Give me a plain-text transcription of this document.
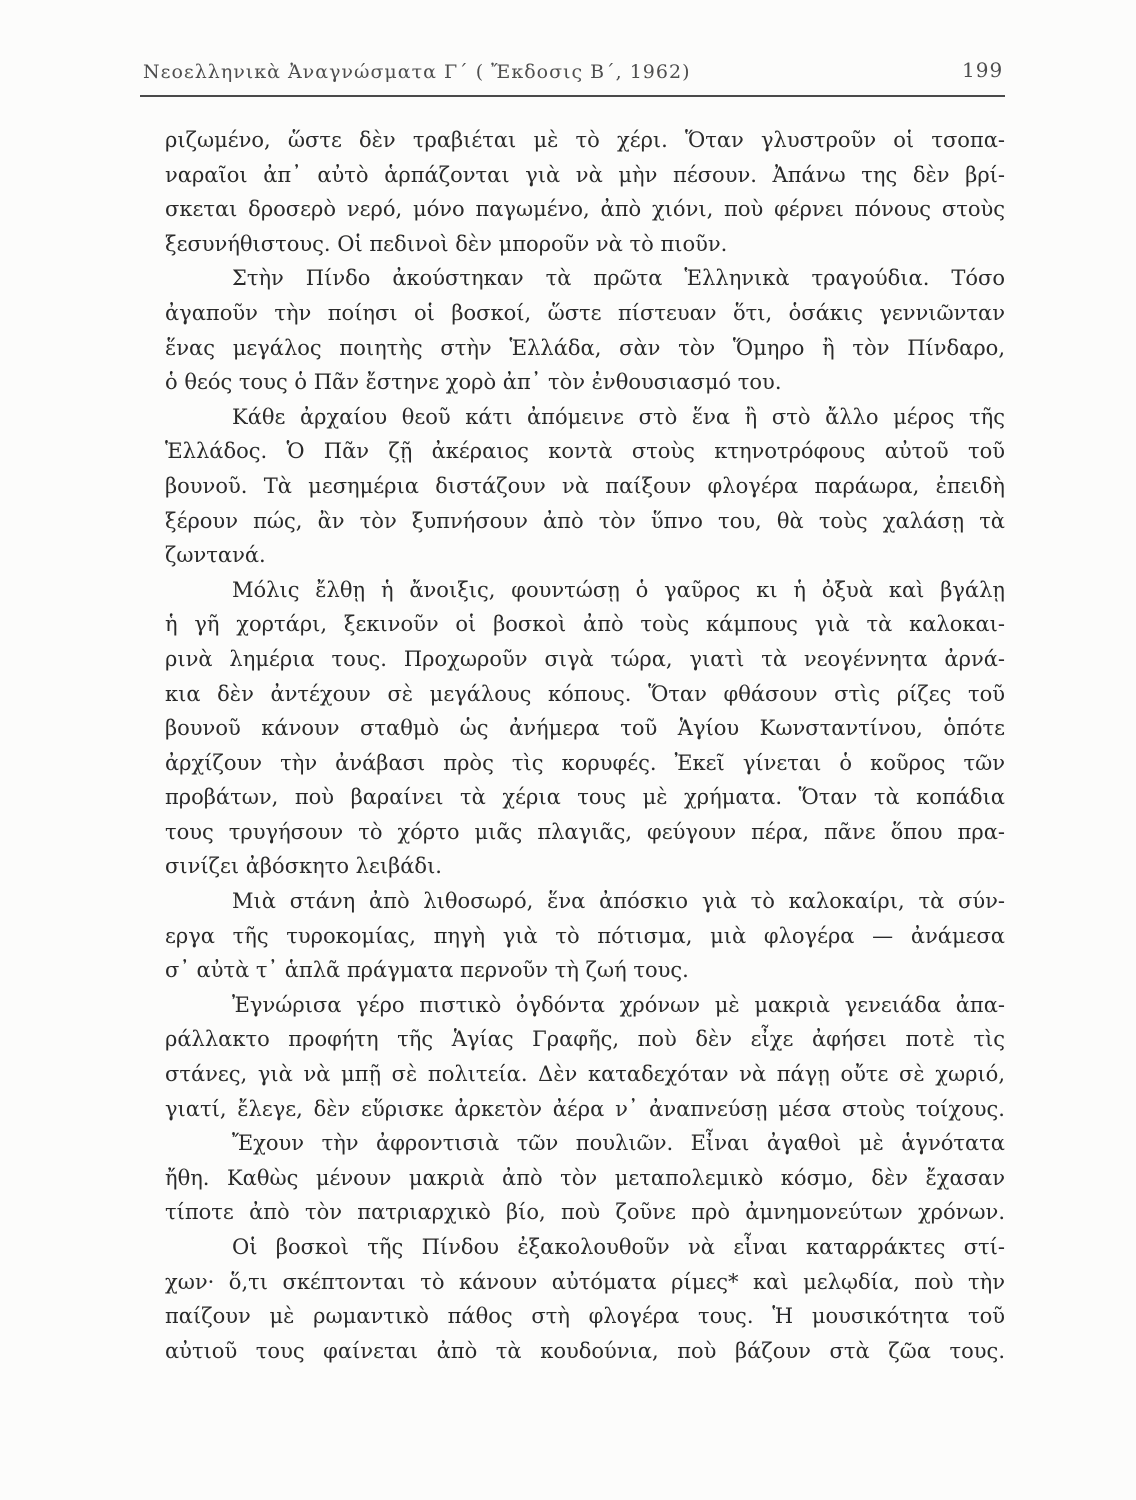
Νεοελληνικὰ Ἀναγνώσματα Γ΄ ( Ἔκδοσις Β΄, 1962)	199
ριζωμένο, ὥστε δὲν τραβιέται μὲ τὸ χέρι. Ὅταν γλυστροῦν οἱ τσοπα-
ναραῖοι ἀπ᾿ αὐτὸ ἁρπάζονται γιὰ νὰ μὴν πέσουν. Ἀπάνω της δὲν βρί-
σκεται δροσερὸ νερό, μόνο παγωμένο, ἀπὸ χιόνι, ποὺ φέρνει πόνους στοὺς
ξεσυνήθιστους. Οἱ πεδινοὶ δὲν μποροῦν νὰ τὸ πιοῦν.
Στὴν Πίνδο ἀκούστηκαν τὰ πρῶτα Ἑλληνικὰ τραγούδια. Τόσο
ἀγαποῦν τὴν ποίησι οἱ βοσκοί, ὥστε πίστευαν ὅτι, ὁσάκις γεννιῶνταν
ἕνας μεγάλος ποιητὴς στὴν Ἑλλάδα, σὰν τὸν Ὅμηρο ἢ τὸν Πίνδαρο,
ὁ θεός τους ὁ Πᾶν ἔστηνε χορὸ ἀπ᾿ τὸν ἐνθουσιασμό του.
Κάθε ἀρχαίου θεοῦ κάτι ἀπόμεινε στὸ ἕνα ἢ στὸ ἄλλο μέρος τῆς
Ἑλλάδος. Ὁ Πᾶν ζῇ ἀκέραιος κοντὰ στοὺς κτηνοτρόφους αὐτοῦ τοῦ
βουνοῦ. Τὰ μεσημέρια διστάζουν νὰ παίξουν φλογέρα παράωρα, ἐπειδὴ
ξέρουν πώς, ἂν τὸν ξυπνήσουν ἀπὸ τὸν ὕπνο του, θὰ τοὺς χαλάσῃ τὰ
ζωντανά.
Μόλις ἔλθῃ ἡ ἄνοιξις, φουντώσῃ ὁ γαῦρος κι ἡ ὀξυὰ καὶ βγάλῃ
ἡ γῆ χορτάρι, ξεκινοῦν οἱ βοσκοὶ ἀπὸ τοὺς κάμπους γιὰ τὰ καλοκαι-
ρινὰ λημέρια τους. Προχωροῦν σιγὰ τώρα, γιατὶ τὰ νεογέννητα ἀρνά-
κια δὲν ἀντέχουν σὲ μεγάλους κόπους. Ὅταν φθάσουν στὶς ρίζες τοῦ
βουνοῦ κάνουν σταθμὸ ὡς ἀνήμερα τοῦ Ἁγίου Κωνσταντίνου, ὁπότε
ἀρχίζουν τὴν ἀνάβασι πρὸς τὶς κορυφές. Ἐκεῖ γίνεται ὁ κοῦρος τῶν
προβάτων, ποὺ βαραίνει τὰ χέρια τους μὲ χρήματα. Ὅταν τὰ κοπάδια
τους τρυγήσουν τὸ χόρτο μιᾶς πλαγιᾶς, φεύγουν πέρα, πᾶνε ὅπου πρα-
σινίζει ἀβόσκητο λειβάδι.
Μιὰ στάνη ἀπὸ λιθοσωρό, ἕνα ἀπόσκιο γιὰ τὸ καλοκαίρι, τὰ σύν-
εργα τῆς τυροκομίας, πηγὴ γιὰ τὸ πότισμα, μιὰ φλογέρα — ἀνάμεσα
σ᾿ αὐτὰ τ᾿ ἁπλᾶ πράγματα περνοῦν τὴ ζωή τους.
Ἐγνώρισα γέρο πιστικὸ ὀγδόντα χρόνων μὲ μακριὰ γενειάδα ἀπα-
ράλλακτο προφήτη τῆς Ἁγίας Γραφῆς, ποὺ δὲν εἶχε ἀφήσει ποτὲ τὶς
στάνες, γιὰ νὰ μπῇ σὲ πολιτεία. Δὲν καταδεχόταν νὰ πάγῃ οὔτε σὲ χωριό,
γιατί, ἔλεγε, δὲν εὕρισκε ἀρκετὸν ἀέρα ν᾿ ἀναπνεύσῃ μέσα στοὺς τοίχους.
Ἔχουν τὴν ἀφροντισιὰ τῶν πουλιῶν. Εἶναι ἀγαθοὶ μὲ ἁγνότατα
ἤθη. Καθὼς μένουν μακριὰ ἀπὸ τὸν μεταπολεμικὸ κόσμο, δὲν ἔχασαν
τίποτε ἀπὸ τὸν πατριαρχικὸ βίο, ποὺ ζοῦνε πρὸ ἀμνημονεύτων χρόνων.
Οἱ βοσκοὶ τῆς Πίνδου ἐξακολουθοῦν νὰ εἶναι καταρράκτες στί-
χων· ὅ,τι σκέπτονται τὸ κάνουν αὐτόματα ρίμες* καὶ μελῳδία, ποὺ τὴν
παίζουν μὲ ρωμαντικὸ πάθος στὴ φλογέρα τους. Ἡ μουσικότητα τοῦ
αὐτιοῦ τους φαίνεται ἀπὸ τὰ κουδούνια, ποὺ βάζουν στὰ ζῶα τους.
